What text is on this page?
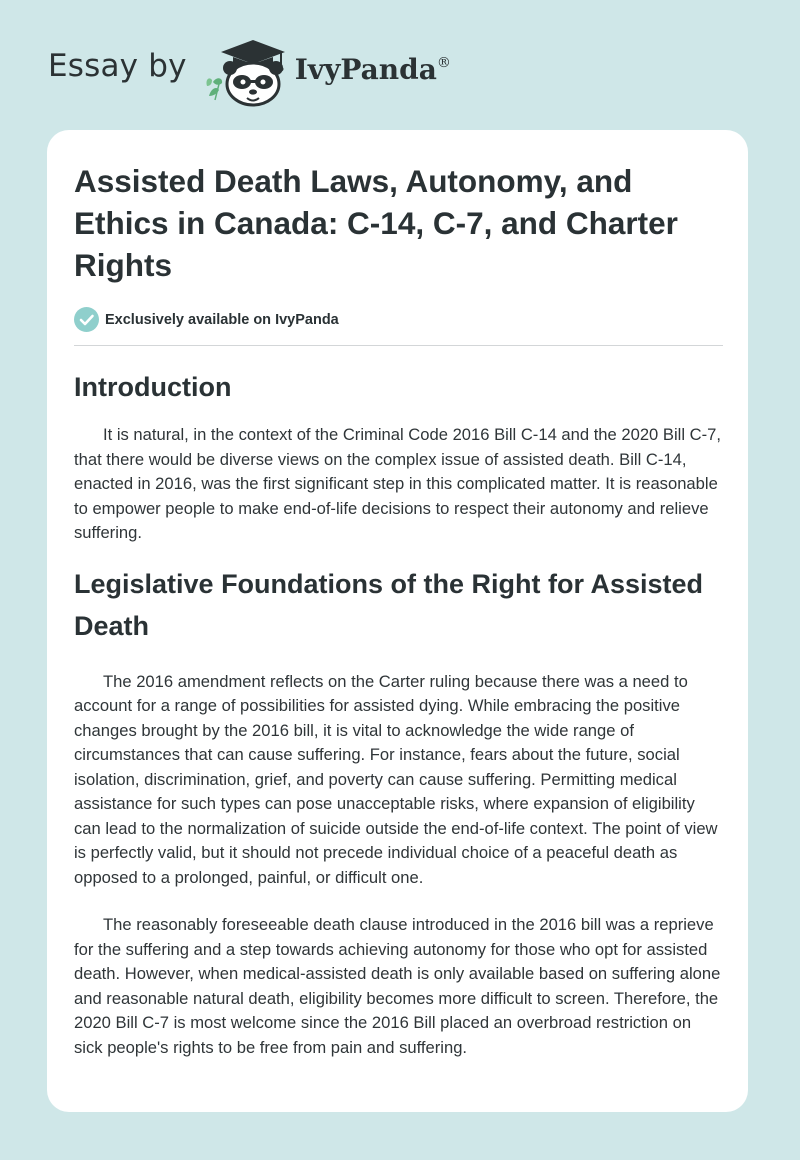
Essay by	IvyPanda®
Assisted Death Laws, Autonomy, and Ethics in Canada: C-14, C-7, and Charter Rights
Exclusively available on IvyPanda
Introduction

It is natural, in the context of the Criminal Code 2016 Bill C-14 and the 2020 Bill C-7, that there would be diverse views on the complex issue of assisted death. Bill C-14, enacted in 2016, was the first significant step in this complicated matter. It is reasonable to empower people to make end-of-life decisions to respect their autonomy and relieve suffering.

Legislative Foundations of the Right for Assisted Death

The 2016 amendment reflects on the Carter ruling because there was a need to account for a range of possibilities for assisted dying. While embracing the positive changes brought by the 2016 bill, it is vital to acknowledge the wide range of circumstances that can cause suffering. For instance, fears about the future, social isolation, discrimination, grief, and poverty can cause suffering. Permitting medical assistance for such types can pose unacceptable risks, where expansion of eligibility can lead to the normalization of suicide outside the end-of-life context. The point of view is perfectly valid, but it should not precede individual choice of a peaceful death as opposed to a prolonged, painful, or difficult one.

The reasonably foreseeable death clause introduced in the 2016 bill was a reprieve for the suffering and a step towards achieving autonomy for those who opt for assisted death. However, when medical-assisted death is only available based on suffering alone and reasonable natural death, eligibility becomes more difficult to screen. Therefore, the 2020 Bill C-7 is most welcome since the 2016 Bill placed an overbroad restriction on sick people's rights to be free from pain and suffering.
